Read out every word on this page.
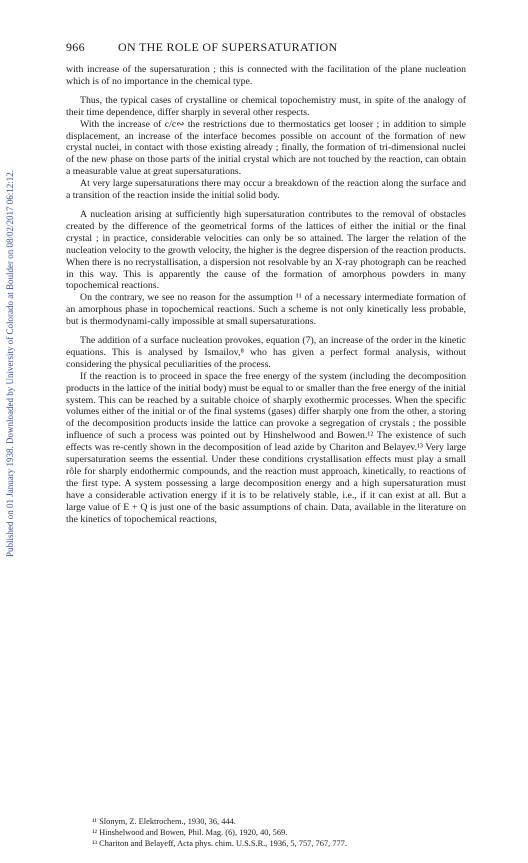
Published on 01 January 1938. Downloaded by University of Colorado at Boulder on 08/02/2017 06:12:12.
966	ON THE ROLE OF SUPERSATURATION

with increase of the supersaturation ; this is connected with the facilitation of the plane nucleation which is of no importance in the chemical type.

Thus, the typical cases of crystalline or chemical topochemistry must, in spite of the analogy of their time dependence, differ sharply in several other respects.

With the increase of c/c∾ the restrictions due to thermostatics get looser ; in addition to simple displacement, an increase of the interface becomes possible on account of the formation of new crystal nuclei, in contact with those existing already ; finally, the formation of tri-dimensional nuclei of the new phase on those parts of the initial crystal which are not touched by the reaction, can obtain a measurable value at great supersaturations.

At very large supersaturations there may occur a breakdown of the reaction along the surface and a transition of the reaction inside the initial solid body.

A nucleation arising at sufficiently high supersaturation contributes to the removal of obstacles created by the difference of the geometrical forms of the lattices of either the initial or the final crystal ; in practice, considerable velocities can only be so attained. The larger the relation of the nucleation velocity to the growth velocity, the higher is the degree dispersion of the reaction products. When there is no recrystallisation, a dispersion not resolvable by an X-ray photograph can be reached in this way. This is apparently the cause of the formation of amorphous powders in many topochemical reactions.

On the contrary, we see no reason for the assumption ¹¹ of a necessary intermediate formation of an amorphous phase in topochemical reactions. Such a scheme is not only kinetically less probable, but is thermodynami-cally impossible at small supersaturations.

The addition of a surface nucleation provokes, equation (7), an increase of the order in the kinetic equations. This is analysed by Ismailov,⁸ who has given a perfect formal analysis, without considering the physical peculiarities of the process.

If the reaction is to proceed in space the free energy of the system (including the decomposition products in the lattice of the initial body) must be equal to or smaller than the free energy of the initial system. This can be reached by a suitable choice of sharply exothermic processes. When the specific volumes either of the initial or of the final systems (gases) differ sharply one from the other, a storing of the decomposition products inside the lattice can provoke a segregation of crystals ; the possible influence of such a process was pointed out by Hinshelwood and Bowen.¹² The existence of such effects was re-cently shown in the decomposition of lead azide by Chariton and Belayev.¹³ Very large supersaturation seems the essential. Under these conditions crystallisation effects must play a small rôle for sharply endothermic compounds, and the reaction must approach, kinetically, to reactions of the first type. A system possessing a large decomposition energy and a high supersaturation must have a considerable activation energy if it is to be relatively stable, i.e., if it can exist at all. But a large value of E + Q is just one of the basic assumptions of chain. Data, available in the literature on the kinetics of topochemical reactions,

¹¹ Slonym, Z. Elektrochem., 1930, 36, 444.
¹² Hinshelwood and Bowen, Phil. Mag. (6), 1920, 40, 569.
¹³ Chariton and Belayeff, Acta phys. chim. U.S.S.R., 1936, 5, 757, 767, 777.
